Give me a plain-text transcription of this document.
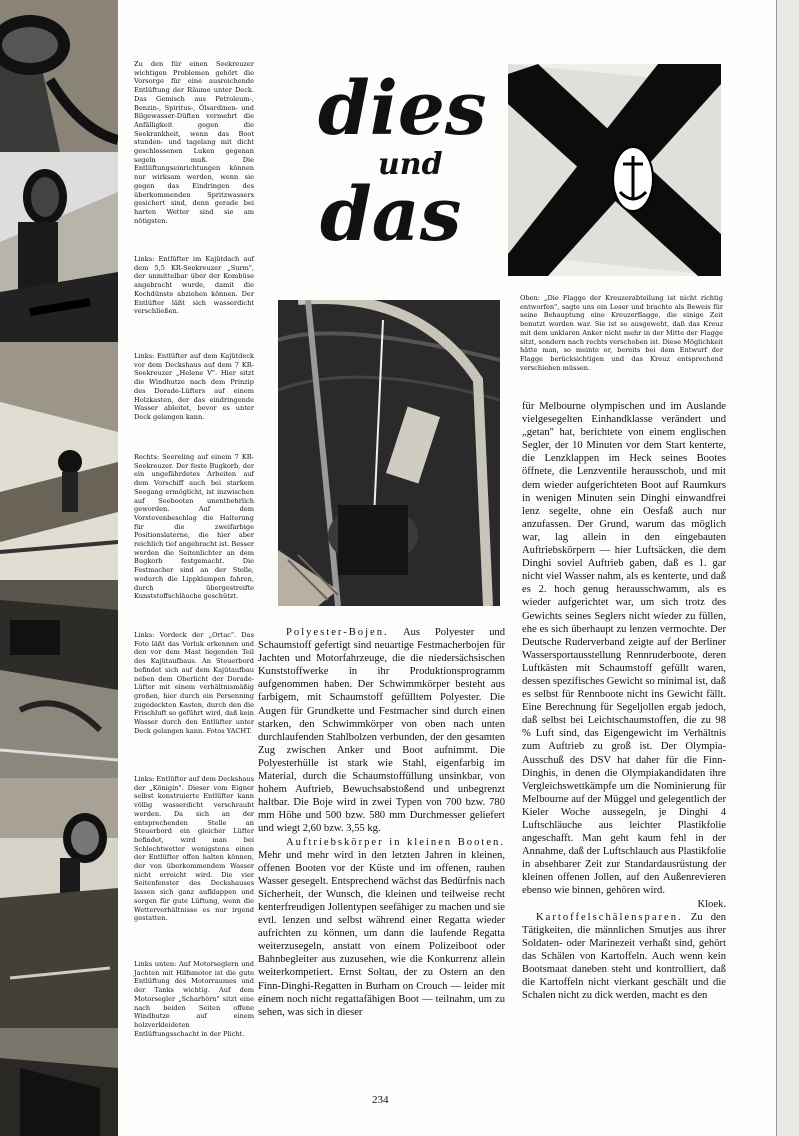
Zu den für einen Seekreuzer wichtigen Problemen gehört die Vorsorge für eine ausreichende Entlüftung der Räume unter Deck. Das Gemisch aus Petroleum-, Benzin-, Spiritus-, Ölsardinen- und Bilgewasser-Düften vermehrt die Anfälligkeit gegen die Seekrankheit, wenn das Boot stunden- und tagelang mit dicht geschlossenen Luken gegenan segeln muß. Die Entlüftungseinrichtungen können nur wirksam werden, wenn sie gegen das Eindringen des überkommenden Spritzwassers gesichert sind, denn gerade bei harten Wetter sind sie am nötigsten.

Links: Entlüfter im Kajütdach auf dem 5,5 KR-Seekreuzer „Surm", der unmittelbar über der Kombüse angebracht wurde, damit die Kochdünste abziehen können. Der Entlüfter läßt sich wasserdicht verschließen.

Links: Entlüfter auf dem Kajütdeck vor dem Deckshaus auf dem 7 KR-Seekreuzer „Helene V". Hier sitzt die Windhutze nach dem Prinzip des Dorade-Lüfters auf einem Holzkasten, der das eindringende Wasser ableitet, bevor es unter Deck gelangen kann.

Rechts: Seereling auf einem 7 KR-Seekreuzer. Der feste Bugkorb, der ein ungefährdetes Arbeiten auf dem Vorschiff auch bei starkem Seegang ermöglicht, ist inzwischen auf Seebooten unentbehrlich geworden. Auf dem Vorstevenbeschlag die Halterung für die zweifarbige Positionslaterne, die hier aber reichlich tief angebracht ist. Besser werden die Seitenlichter an dem Bugkorb festgemacht. Die Festmacher sind an der Stelle, wodurch die Lippklampen fahren, durch übergestreifte Kunststoffschläuche geschützt.

Links: Vordeck der „Ortac". Das Foto läßt das Vorluk erkennen und den vor dem Mast liegenden Teil des Kajütaufbaus. An Steuerbord befindet sich auf dem Kajütaufbau neben dem Oberlicht der Dorade-Lüfter mit einem verhältnismäßig großen, hier durch ein Persenning zugedeckten Kasten, durch den die Frischluft so geführt wird, daß kein Wasser durch den Entlüfter unter Deck gelangen kann. Fotos YACHT.

Links: Entlüfter auf dem Deckshaus der „Königin". Dieser vom Eigner selbst konstruierte Entlüfter kann völlig wasserdicht verschraubt werden. Da sich an der entsprechenden Stelle an Steuerbord ein gleicher Lüfter befindet, wird man bei Schlechtwetter wenigstens einen der Entlüfter offen halten können, der von überkommendem Wasser nicht erreicht wird. Die vier Seitenfenster des Deckshauses lassen sich ganz aufklappen und sorgen für gute Lüftung, wenn die Wetterverhältnisse es nur irgend gestatten.

Links unten: Auf Motorseglern und Jachten mit Hilfsmotor ist die gute Entlüftung des Motorraumes und der Tanks wichtig. Auf dem Motorsegler „Scharhörn" sitzt eine nach beiden Seiten offene Windhutze auf einem holzverkleideten Entlüftungsschacht in der Plicht.

dies
und
das

Oben: „Die Flagge der Kreuzerabteilung ist nicht richtig entworfen", sagte uns ein Leser und brachte als Beweis für seine Behauptung eine Kreuzerflagge, die einige Zeit benutzt worden war. Sie ist so ausgeweht, daß das Kreuz mit dem unklaren Anker nicht mehr in der Mitte der Flagge sitzt, sondern nach rechts verschoben ist. Diese Möglichkeit hätte man, so meinte er, bereits bei dem Entwurf der Flagge berücksichtigen und das Kreuz entsprechend verschieben müssen.

Polyester-Bojen. Aus Polyester und Schaumstoff gefertigt sind neuartige Festmacherbojen für Jachten und Motorfahrzeuge, die die niedersächsischen Kunststoffwerke in ihr Produktionsprogramm aufgenommen haben. Der Schwimmkörper besteht aus farbigem, mit Schaumstoff gefülltem Polyester. Die Augen für Grundkette und Festmacher sind durch einen starken, den Schwimmkörper von oben nach unten durchlaufenden Stahlbolzen verbunden, der den gesamten Zug zwischen Anker und Boot aufnimmt. Die Polyesterhülle ist stark wie Stahl, eigenfarbig im Material, durch die Schaumstoffüllung unsinkbar, von hohem Auftrieb, Bewuchsabstoßend und unbegrenzt haltbar. Die Boje wird in zwei Typen von 700 bzw. 780 mm Höhe und 500 bzw. 580 mm Durchmesser geliefert und wiegt 2,60 bzw. 3,55 kg.

Auftriebskörper in kleinen Booten. Mehr und mehr wird in den letzten Jahren in kleinen, offenen Booten vor der Küste und im offenen, rauhen Wasser gesegelt. Entsprechend wächst das Bedürfnis nach Sicherheit, der Wunsch, die kleinen und teilweise recht kenterfreudigen Jollentypen seefähiger zu machen und sie evtl. lenzen und selbst während einer Regatta wieder aufrichten zu können, um dann die laufende Regatta weiterzusegeln, anstatt von einem Polizeiboot oder Bahnbegleiter aus zuzusehen, wie die Konkurrenz allein weiterkompetiert. Ernst Soltau, der zu Ostern an den Finn-Dinghi-Regatten in Burham on Crouch — leider mit einem noch nicht regattafähigen Boot — teilnahm, um zu sehen, was sich in dieser

für Melbourne olympischen und im Auslande vielgesegelten Einhandklasse verändert und „getan" hat, berichtete von einem englischen Segler, der 10 Minuten vor dem Start kenterte, die Lenzklappen im Heck seines Bootes öffnete, die Lenzventile herausschob, und mit dem wieder aufgerichteten Boot auf Raumkurs in wenigen Minuten sein Dinghi einwandfrei lenz segelte, ohne ein Oesfaß auch nur anzufassen. Der Grund, warum das möglich war, lag allein in den eingebauten Auftriebskörpern — hier Luftsäcken, die dem Dinghi soviel Auftrieb gaben, daß es 1. gar nicht viel Wasser nahm, als es kenterte, und daß es 2. hoch genug herausschwamm, als es wieder aufgerichtet war, um sich trotz des Gewichts seines Seglers nicht wieder zu füllen, ehe es sich überhaupt zu lenzen vermochte. Der Deutsche Ruderverband zeigte auf der Berliner Wassersportausstellung Rennruderboote, deren Luftkästen mit Schaumstoff gefüllt waren, dessen spezifisches Gewicht so minimal ist, daß es selbst für Rennboote nicht ins Gewicht fällt. Eine Berechnung für Segeljollen ergab jedoch, daß selbst bei Leichtschaumstoffen, die zu 98 % Luft sind, das Eigengewicht im Verhältnis zum Auftrieb zu groß ist. Der Olympia-Ausschuß des DSV hat daher für die Finn-Dinghis, in denen die Olympiakandidaten ihre Vergleichswettkämpfe um die Nominierung für Melbourne auf der Müggel und gelegentlich der Kieler Woche aussegeln, je Dinghi 4 Luftschläuche aus leichter Plastikfolie angeschafft. Man geht kaum fehl in der Annahme, daß der Luftschlauch aus Plastikfolie in absehbarer Zeit zur Standardausrüstung der kleinen offenen Jollen, auf den Außenrevieren ebenso wie binnen, gehören wird.

Kloek.

Kartoffelschälensparen. Zu den Tätigkeiten, die männlichen Smutjes aus ihrer Soldaten- oder Marinezeit verhaßt sind, gehört das Schälen von Kartoffeln. Auch wenn kein Bootsmaat daneben steht und kontrolliert, daß die Kartoffeln nicht vierkant geschält und die Schalen nicht zu dick werden, macht es den

234
